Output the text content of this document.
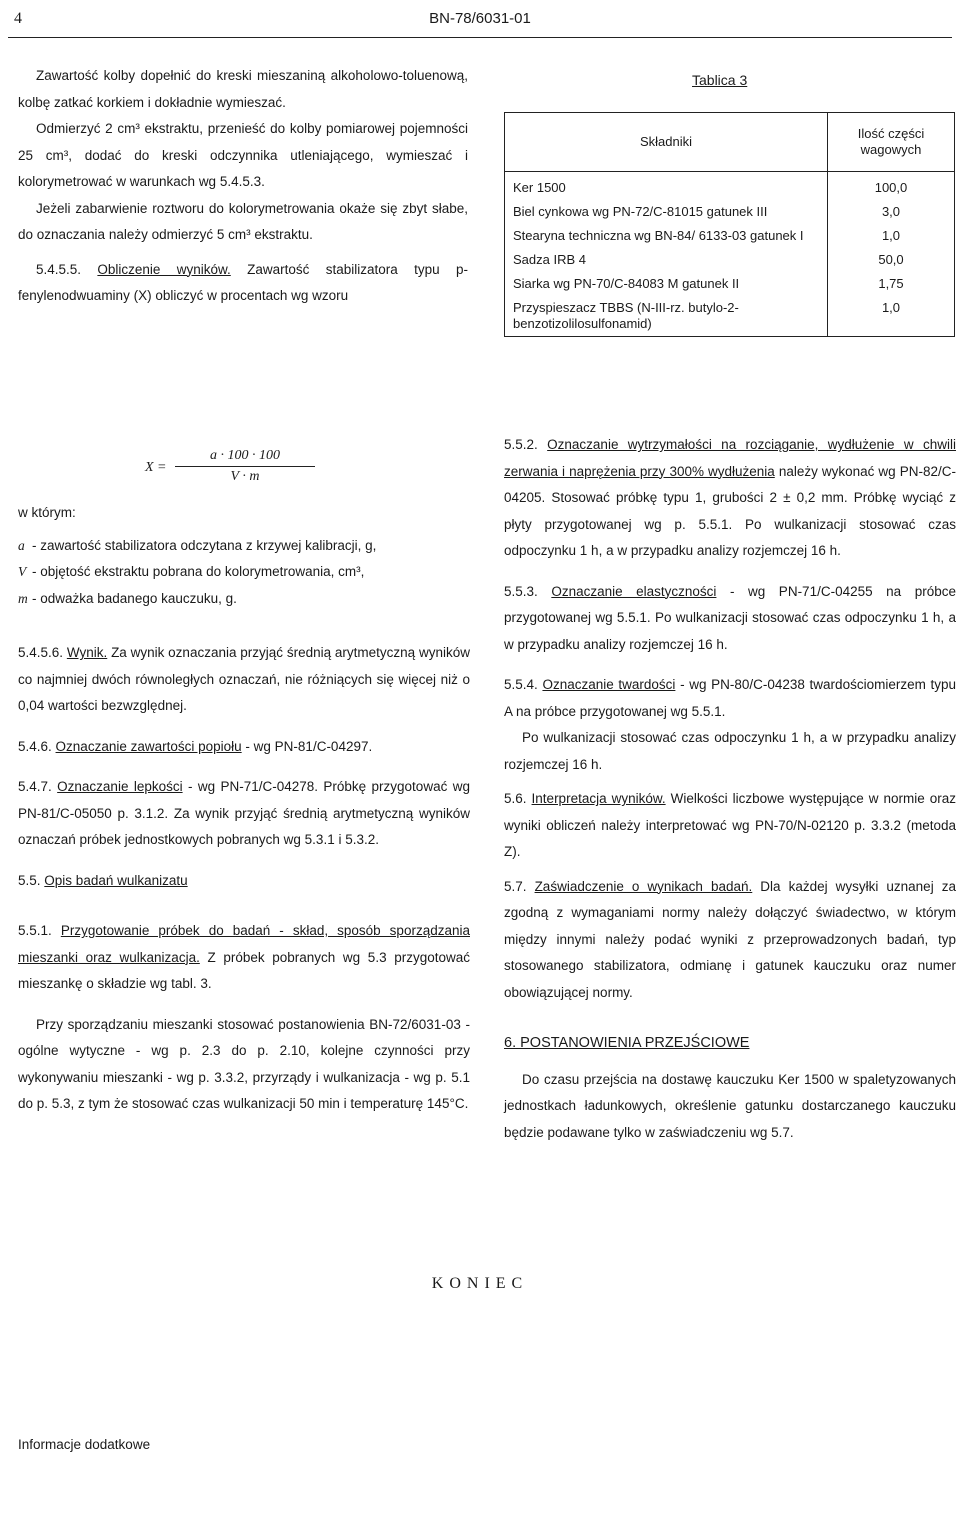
4	BN-78/6031-01

Zawartość kolby dopełnić do kreski mieszaniną alkoholowo-toluenową, kolbę zatkać korkiem i dokładnie wymieszać.

Odmierzyć 2 cm³ ekstraktu, przenieść do kolby pomiarowej pojemności 25 cm³, dodać do kreski odczynnika utleniającego, wymieszać i kolorymetrować w warunkach wg 5.4.5.3.

Jeżeli zabarwienie roztworu do kolorymetrowania okaże się zbyt słabe, do oznaczania należy odmierzyć 5 cm³ ekstraktu.

5.4.5.5. Obliczenie wyników. Zawartość stabilizatora typu p-fenylenodwuaminy (X) obliczyć w procentach wg wzoru

$X = \frac{a \cdot 100 \cdot 100}{V \cdot m}$
w którym:
a - zawartość stabilizatora odczytana z krzywej kalibracji, g,
V - objętość ekstraktu pobrana do kolorymetrowania, cm³,
m - odważka badanego kauczuku, g.

5.4.5.6. Wynik. Za wynik oznaczania przyjąć średnią arytmetyczną wyników co najmniej dwóch równoległych oznaczań, nie różniących się więcej niż o 0,04 wartości bezwzględnej.

5.4.6. Oznaczanie zawartości popiołu - wg PN-81/C-04297.

5.4.7. Oznaczanie lepkości - wg PN-71/C-04278. Próbkę przygotować wg PN-81/C-05050 p. 3.1.2. Za wynik przyjąć średnią arytmetyczną wyników oznaczań próbek jednostkowych pobranych wg 5.3.1 i 5.3.2.

5.5. Opis badań wulkanizatu

5.5.1. Przygotowanie próbek do badań - skład, sposób sporządzania mieszanki oraz wulkanizacja. Z próbek pobranych wg 5.3 przygotować mieszankę o składzie wg tabl. 3.

Przy sporządzaniu mieszanki stosować postanowienia BN-72/6031-03 - ogólne wytyczne - wg p. 2.3 do p. 2.10, kolejne czynności przy wykonywaniu mieszanki - wg p. 3.3.2, przyrządy i wulkanizacja - wg p. 5.1 do p. 5.3, z tym że stosować czas wulkanizacji 50 min i temperaturę 145°C.

Tablica 3
Składniki	Ilość części wagowych
Ker 1500	100,0
Biel cynkowa wg PN-72/C-81015 gatunek III	3,0
Stearyna techniczna wg BN-84/ 6133-03 gatunek I	1,0
Sadza IRB 4	50,0
Siarka wg PN-70/C-84083 M gatunek II	1,75
Przyspieszacz TBBS (N-III-rz. butylo-2-benzotizolilosulfonamid)	1,0

5.5.2. Oznaczanie wytrzymałości na rozciąganie, wydłużenie w chwili zerwania i naprężenia przy 300% wydłużenia należy wykonać wg PN-82/C-04205. Stosować próbkę typu 1, grubości 2 ± 0,2 mm. Próbkę wyciąć z płyty przygotowanej wg p. 5.5.1. Po wulkanizacji stosować czas odpoczynku 1 h, a w przypadku analizy rozjemczej 16 h.

5.5.3. Oznaczanie elastyczności - wg PN-71/C-04255 na próbce przygotowanej wg 5.5.1. Po wulkanizacji stosować czas odpoczynku 1 h, a w przypadku analizy rozjemczej 16 h.

5.5.4. Oznaczanie twardości - wg PN-80/C-04238 twardościomierzem typu A na próbce przygotowanej wg 5.5.1.

Po wulkanizacji stosować czas odpoczynku 1 h, a w przypadku analizy rozjemczej 16 h.

5.6. Interpretacja wyników. Wielkości liczbowe występujące w normie oraz wyniki obliczeń należy interpretować wg PN-70/N-02120 p. 3.3.2 (metoda Z).

5.7. Zaświadczenie o wynikach badań. Dla każdej wysyłki uznanej za zgodną z wymaganiami normy należy dołączyć świadectwo, w którym między innymi należy podać wyniki z przeprowadzonych badań, typ stosowanego stabilizatora, odmianę i gatunek kauczuku oraz numer obowiązującej normy.

6. POSTANOWIENIA PRZEJŚCIOWE

Do czasu przejścia na dostawę kauczuku Ker 1500 w spaletyzowanych jednostkach ładunkowych, określenie gatunku dostarczanego kauczuku będzie podawane tylko w zaświadczeniu wg 5.7.

KONIEC
Informacje dodatkowe
